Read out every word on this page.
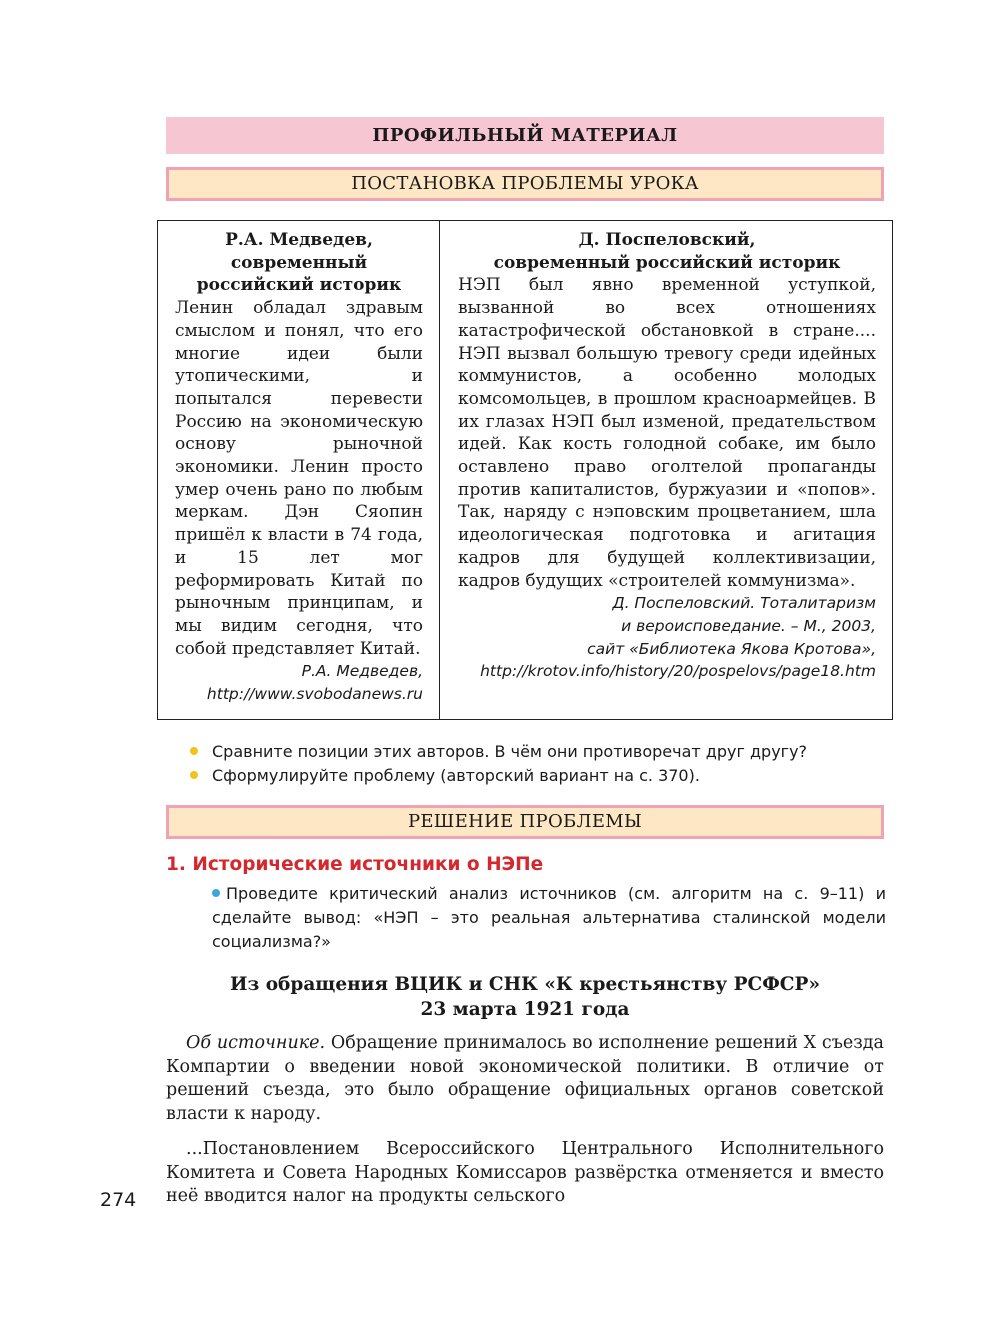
ПРОФИЛЬНЫЙ МАТЕРИАЛ
ПОСТАНОВКА ПРОБЛЕМЫ УРОКА
Р.А. Медведев,
современный российский историк
Ленин обладал здравым смыслом и понял, что его многие идеи были утопическими, и попытался перевести Россию на экономическую основу рыночной экономики. Ленин просто умер очень рано по любым меркам. Дэн Сяопин пришёл к власти в 74 года, и 15 лет мог реформировать Китай по рыночным принципам, и мы видим сегодня, что собой представляет Китай.
Р.А. Медведев,
http://www.svobodanews.ru
Д. Поспеловский,
современный российский историк
НЭП был явно временной уступкой, вызванной во всех отношениях катастрофической обстановкой в стране.... НЭП вызвал большую тревогу среди идейных коммунистов, а особенно молодых комсомольцев, в прошлом красноармейцев. В их глазах НЭП был изменой, предательством идей. Как кость голодной собаке, им было оставлено право оголтелой пропаганды против капиталистов, буржуазии и «попов». Так, наряду с нэповским процветанием, шла идеологическая подготовка и агитация кадров для будущей коллективизации, кадров будущих «строителей коммунизма».
Д. Поспеловский. Тоталитаризм
и вероисповедание. – М., 2003,
сайт «Библиотека Якова Кротова»,
http://krotov.info/history/20/pospelovs/page18.htm
Сравните позиции этих авторов. В чём они противоречат друг другу?
Сформулируйте проблему (авторский вариант на с. 370).
РЕШЕНИЕ ПРОБЛЕМЫ
1. Исторические источники о НЭПе
Проведите критический анализ источников (см. алгоритм на с. 9–11) и сделайте вывод: «НЭП – это реальная альтернатива сталинской модели социализма?»
Из обращения ВЦИК и СНК «К крестьянству РСФСР»
23 марта 1921 года
Об источнике. Обращение принималось во исполнение решений X съезда Компартии о введении новой экономической политики. В отличие от решений съезда, это было обращение официальных органов советской власти к народу.
...Постановлением Всероссийского Центрального Исполнительного Комитета и Совета Народных Комиссаров развёрстка отменяется и вместо неё вводится налог на продукты сельского
274
